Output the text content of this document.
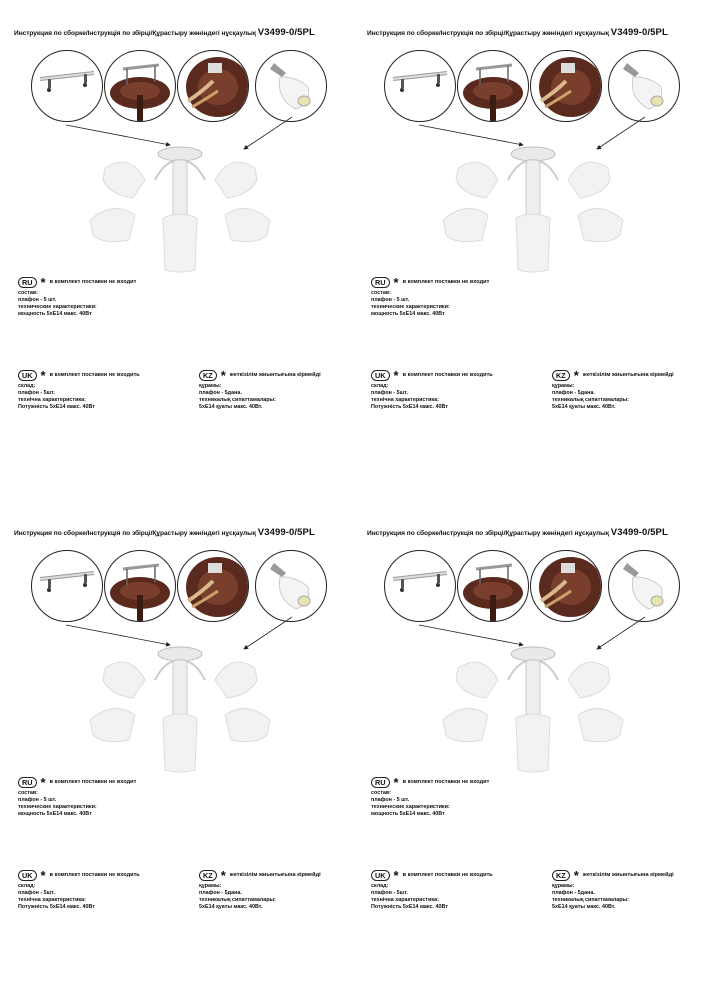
Инструкция по сборке/Інструкція по збірці/Құрастыру жөніндегі нұсқаулық V3499-0/5PL
RU * в комплект поставки не входит
состав:
плафон - 5 шт.
технические характеристики:
мощность 5xE14 макс. 40Вт
UK * в комплект поставки не входить
склад:
плафон - 5шт.
технічна характеристика:
Потужність 5xE14 макс. 40Вт
KZ * жеткізілім жиынтығына кірмейді
құрамы:
плафон - 5дана.
техникалық сипаттамалары:
5xE14 қуаты макс. 40Вт.
Инструкция по сборке/Інструкція по збірці/Құрастыру жөніндегі нұсқаулық V3499-0/5PL
RU * в комплект поставки не входит
состав:
плафон - 5 шт.
технические характеристики:
мощность 5xE14 макс. 40Вт
UK * в комплект поставки не входить
склад:
плафон - 5шт.
технічна характеристика:
Потужність 5xE14 макс. 40Вт
KZ * жеткізілім жиынтығына кірмейді
құрамы:
плафон - 5дана.
техникалық сипаттамалары:
5xE14 қуаты макс. 40Вт.
Инструкция по сборке/Інструкція по збірці/Құрастыру жөніндегі нұсқаулық V3499-0/5PL
RU * в комплект поставки не входит
состав:
плафон - 5 шт.
технические характеристики:
мощность 5xE14 макс. 40Вт
UK * в комплект поставки не входить
склад:
плафон - 5шт.
технічна характеристика:
Потужність 5xE14 макс. 40Вт
KZ * жеткізілім жиынтығына кірмейді
құрамы:
плафон - 5дана.
техникалық сипаттамалары:
5xE14 қуаты макс. 40Вт.
Инструкция по сборке/Інструкція по збірці/Құрастыру жөніндегі нұсқаулық V3499-0/5PL
RU * в комплект поставки не входит
состав:
плафон - 5 шт.
технические характеристики:
мощность 5xE14 макс. 40Вт
UK * в комплект поставки не входить
склад:
плафон - 5шт.
технічна характеристика:
Потужність 5xE14 макс. 40Вт
KZ * жеткізілім жиынтығына кірмейді
құрамы:
плафон - 5дана.
техникалық сипаттамалары:
5xE14 қуаты макс. 40Вт.
